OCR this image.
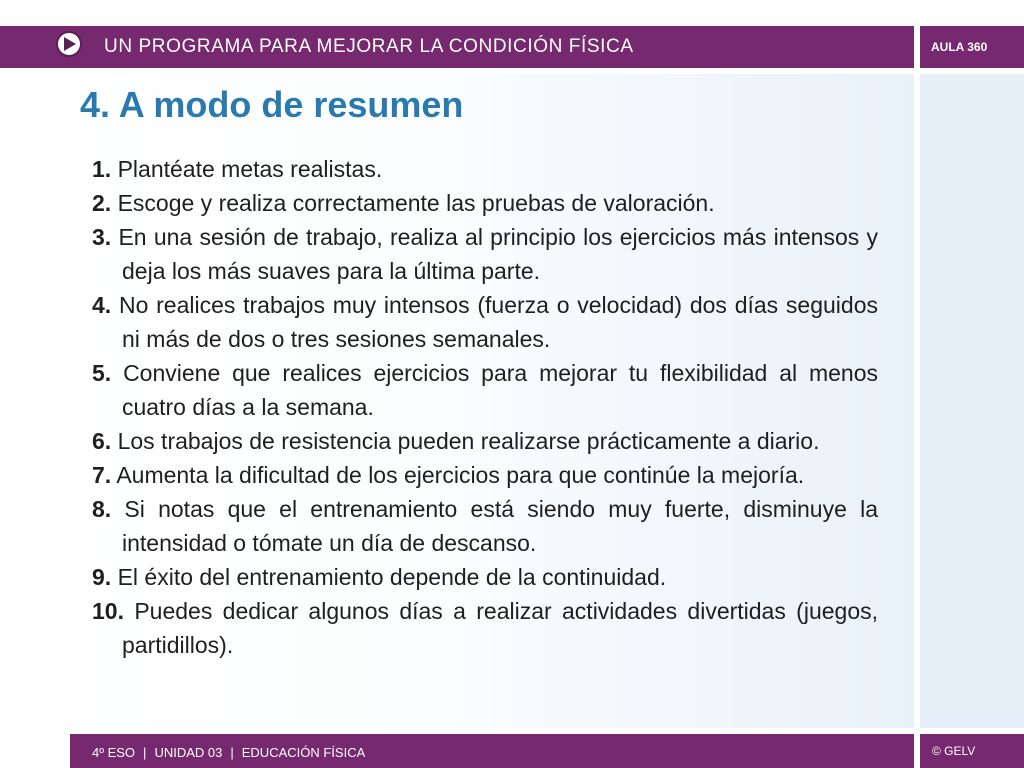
UN PROGRAMA PARA MEJORAR LA CONDICIÓN FÍSICA	AULA 360
4. A modo de resumen
1. Plantéate metas realistas.
2. Escoge y realiza correctamente las pruebas de valoración.
3. En una sesión de trabajo, realiza al principio los ejercicios más intensos y deja los más suaves para la última parte.
4. No realices trabajos muy intensos (fuerza o velocidad) dos días seguidos ni más de dos o tres sesiones semanales.
5. Conviene que realices ejercicios para mejorar tu flexibilidad al menos cuatro días a la semana.
6. Los trabajos de resistencia pueden realizarse prácticamente a diario.
7. Aumenta la dificultad de los ejercicios para que continúe la mejoría.
8. Si notas que el entrenamiento está siendo muy fuerte, disminuye la intensidad o tómate un día de descanso.
9. El éxito del entrenamiento depende de la continuidad.
10. Puedes dedicar algunos días a realizar actividades divertidas (juegos, partidillos).
4º ESO | UNIDAD 03 | EDUCACIÓN FÍSICA	© GELV
